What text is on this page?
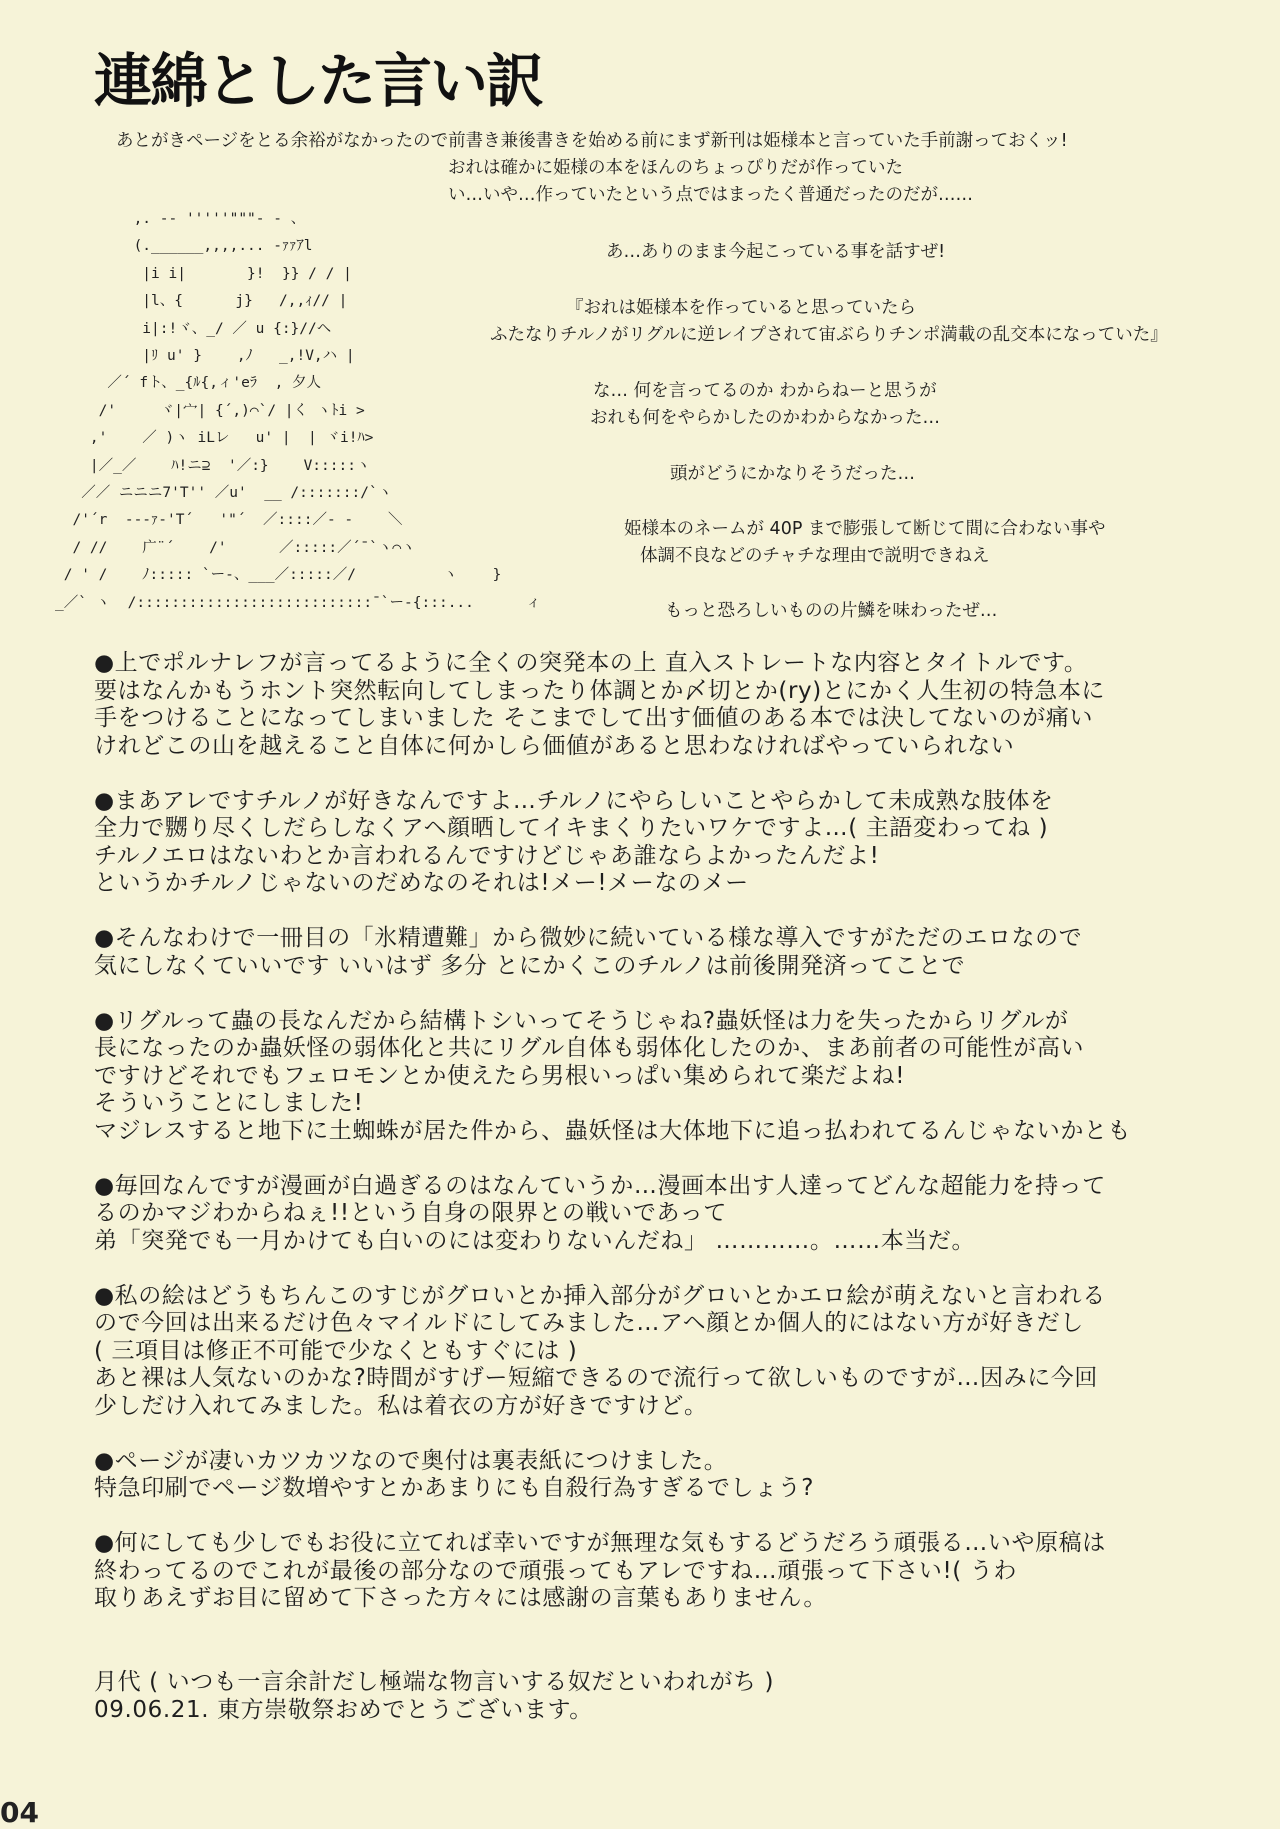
連綿とした言い訳
あとがきページをとる余裕がなかったので前書き兼後書きを始める前にまず新刊は姫様本と言っていた手前謝っておくッ!
おれは確かに姫様の本をほんのちょっぴりだが作っていた
い…いや…作っていたという点ではまったく普通だったのだが……
,. -‐ '''''"""‐ ‐ 、
(.______,,,,... -ｧｧｱl
|i i|       }!  }} / / |
|l、{      j}   /,,ｨ// |
i|:!ヾ、_/ ／ u {:}//ヘ
|ﾘ u' }    ,ﾉ   _,!V,ハ |
／´ fト、_{ﾙ{,ィ'eﾗ  , 夕人
/'     ヾ|宀| {´,)⌒`/ |く ヽﾄi >
,'    ／ )ヽ iLレ   u' |  | ヾi!ﾊ>
|／_／    ﾊ!ニ⊇  '／:}    V:::::ヽ
／／ ニニニ7'T'' ／u'  __ /:::::::/`ヽ
/'´r  ‐‐‐ｧ-'T´   '"´  ／::::／- -    ＼
/ //    广¨´    /'      ／:::::／´¯`ヽ⌒ヽ
/ ' /    ﾉ::::: `ー-、___／:::::／/          ヽ    }
_／` ヽ  /:::::::::::::::::::::::::::¯`ー-{:::...      ィ
あ…ありのまま今起こっている事を話すぜ!
『おれは姫様本を作っていると思っていたら
ふたなりチルノがリグルに逆レイプされて宙ぶらりチンポ満載の乱交本になっていた』
な… 何を言ってるのか わからねーと思うが
おれも何をやらかしたのかわからなかった…
頭がどうにかなりそうだった…
姫様本のネームが 40P まで膨張して断じて間に合わない事や
体調不良などのチャチな理由で説明できねえ
もっと恐ろしいものの片鱗を味わったぜ…
●上でポルナレフが言ってるように全くの突発本の上 直入ストレートな内容とタイトルです。
要はなんかもうホント突然転向してしまったり体調とか〆切とか(ry)とにかく人生初の特急本に
手をつけることになってしまいました そこまでして出す価値のある本では決してないのが痛い
けれどこの山を越えること自体に何かしら価値があると思わなければやっていられない
●まあアレですチルノが好きなんですよ…チルノにやらしいことやらかして未成熟な肢体を
全力で嬲り尽くしだらしなくアヘ顔晒してイキまくりたいワケですよ…( 主語変わってね )
チルノエロはないわとか言われるんですけどじゃあ誰ならよかったんだよ!
というかチルノじゃないのだめなのそれは!メー!メーなのメー
●そんなわけで一冊目の「氷精遭難」から微妙に続いている様な導入ですがただのエロなので
気にしなくていいです いいはず 多分 とにかくこのチルノは前後開発済ってことで
●リグルって蟲の長なんだから結構トシいってそうじゃね?蟲妖怪は力を失ったからリグルが
長になったのか蟲妖怪の弱体化と共にリグル自体も弱体化したのか、まあ前者の可能性が高い
ですけどそれでもフェロモンとか使えたら男根いっぱい集められて楽だよね!
そういうことにしました!
マジレスすると地下に土蜘蛛が居た件から、蟲妖怪は大体地下に追っ払われてるんじゃないかとも
●毎回なんですが漫画が白過ぎるのはなんていうか…漫画本出す人達ってどんな超能力を持って
るのかマジわからねぇ!!という自身の限界との戦いであって
弟「突発でも一月かけても白いのには変わりないんだね」 …………。……本当だ。
●私の絵はどうもちんこのすじがグロいとか挿入部分がグロいとかエロ絵が萌えないと言われる
ので今回は出来るだけ色々マイルドにしてみました…アヘ顔とか個人的にはない方が好きだし
( 三項目は修正不可能で少なくともすぐには )
あと裸は人気ないのかな?時間がすげー短縮できるので流行って欲しいものですが…因みに今回
少しだけ入れてみました。私は着衣の方が好きですけど。
●ページが凄いカツカツなので奥付は裏表紙につけました。
特急印刷でページ数増やすとかあまりにも自殺行為すぎるでしょう?
●何にしても少しでもお役に立てれば幸いですが無理な気もするどうだろう頑張る…いや原稿は
終わってるのでこれが最後の部分なので頑張ってもアレですね…頑張って下さい!( うわ
取りあえずお目に留めて下さった方々には感謝の言葉もありません。
月代 ( いつも一言余計だし極端な物言いする奴だといわれがち )
09.06.21. 東方崇敬祭おめでとうございます。
04
